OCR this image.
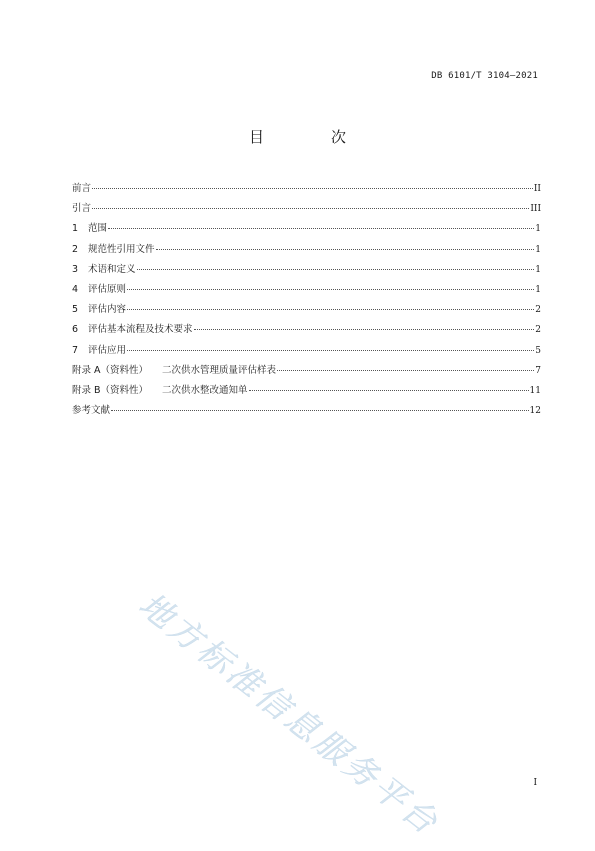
DB 6101/T 3104—2021
目　次
前言	II
引言	III
1 范围	1
2 规范性引用文件	1
3 术语和定义	1
4 评估原则	1
5 评估内容	2
6 评估基本流程及技术要求	2
7 评估应用	5
附录 A（资料性） 二次供水管理质量评估样表	7
附录 B（资料性） 二次供水整改通知单	11
参考文献	12
地方标准信息服务平台	I
